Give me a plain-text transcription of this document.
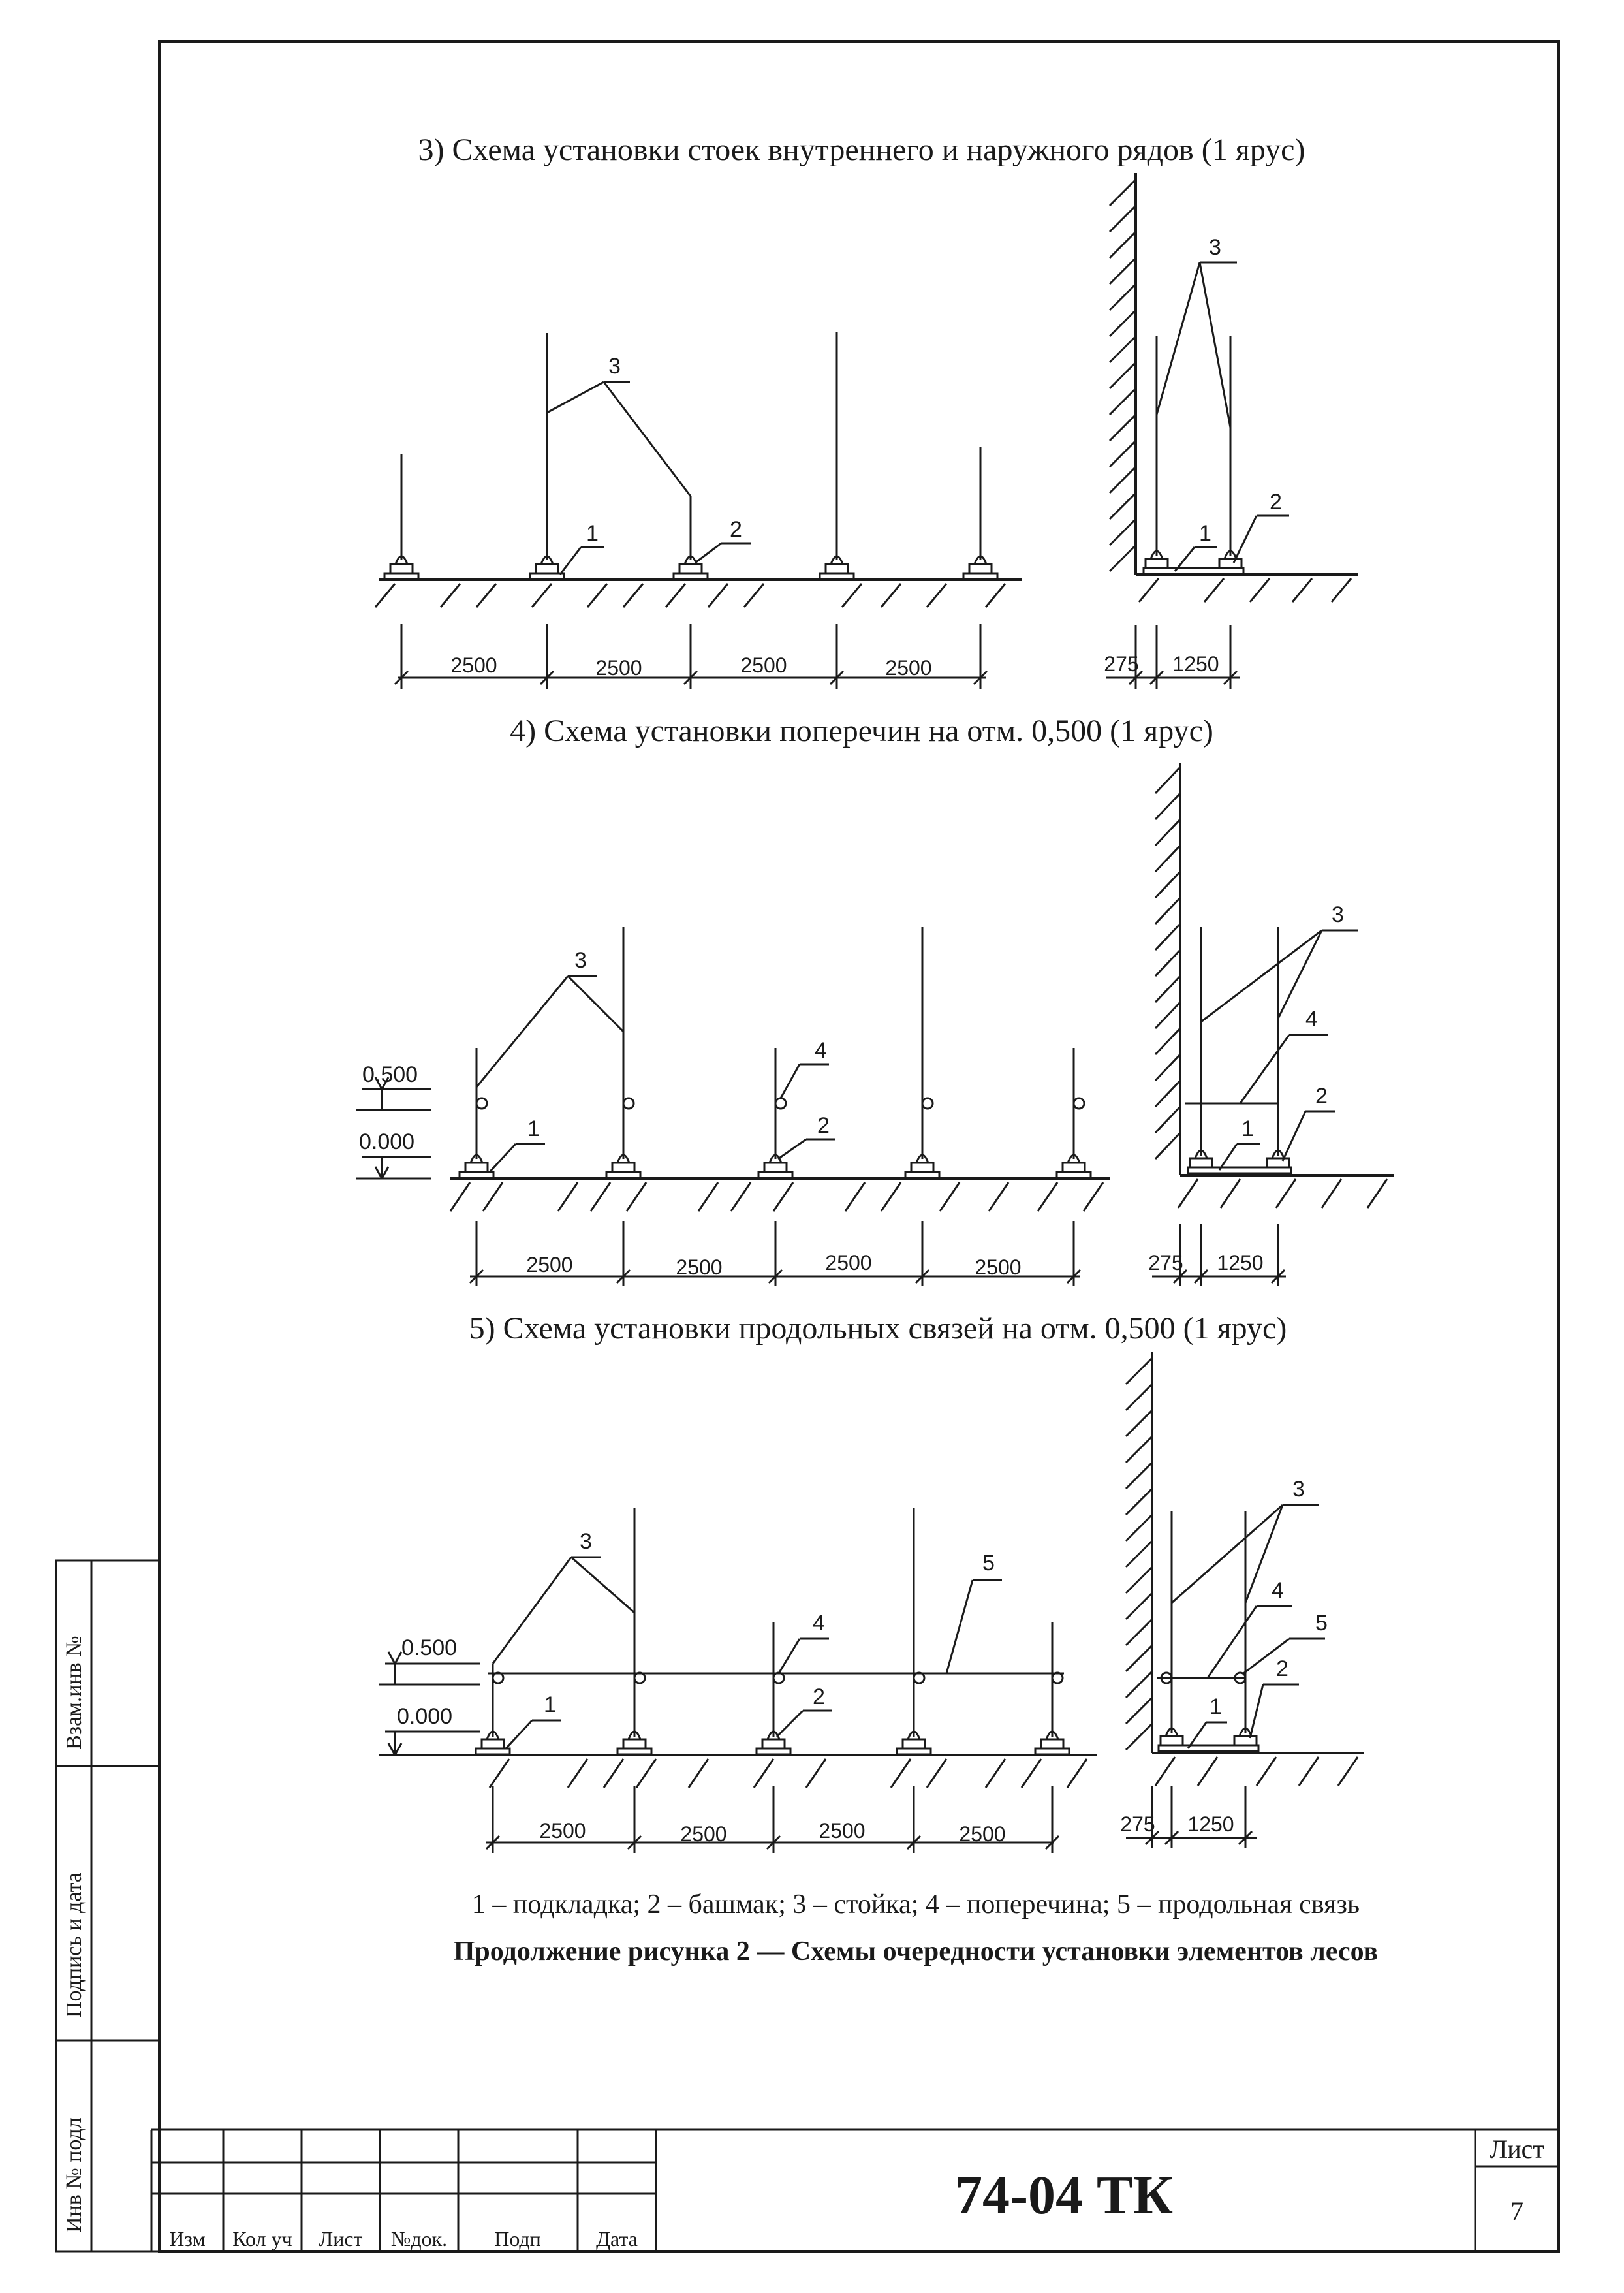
Взам.инв №
Подпись и дата
Инв № подл
3) Схема установки стоек внутреннего и наружного рядов (1 ярус)
3
1	2
2500	2500	2500	2500
3
1
2
275 1250
4) Схема установки поперечин на отм. 0,500 (1 ярус)
0.500
0.000
3
4
1	2
2500	2500	2500	2500
3
4
1
2
275 1250
5) Схема установки продольных связей на отм. 0,500 (1 ярус)
0.500
0.000
3
5
4
1	2
2500	2500	2500	2500
3
4
5
1
2
275 1250
1 – подкладка; 2 – башмак; 3 – стойка; 4 – поперечина; 5 – продольная связь
Продолжение рисунка 2 — Схемы очередности установки элементов лесов
Изм Кол уч Лист №док. Подп	Дата
74-04 ТК
Лист
7
